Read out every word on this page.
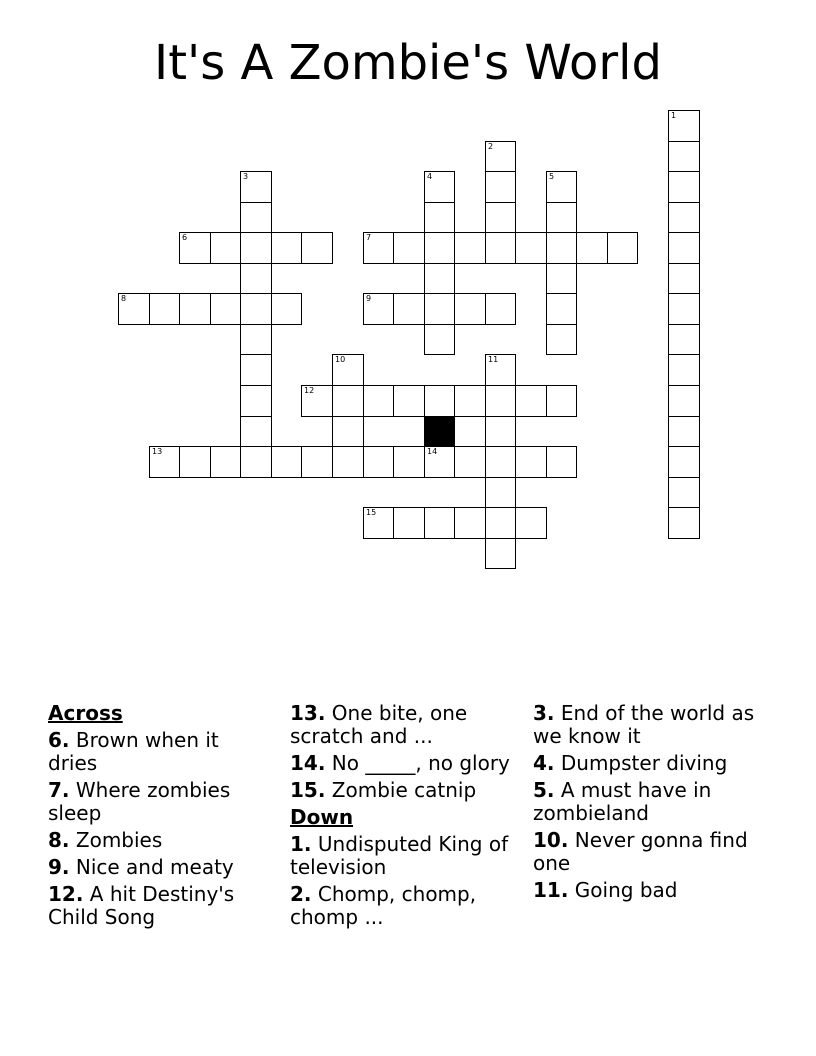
It's A Zombie's World
6	7
8	9
12
13	14
15
1
2
3	4	5
10	11
Across
6. Brown when it dries
7. Where zombies sleep
8. Zombies
9. Nice and meaty
12. A hit Destiny's Child Song
13. One bite, one scratch and ...
14. No _____, no glory
15. Zombie catnip
Down
1. Undisputed King of television
2. Chomp, chomp, chomp ...
3. End of the world as we know it
4. Dumpster diving
5. A must have in zombieland
10. Never gonna find one
11. Going bad
